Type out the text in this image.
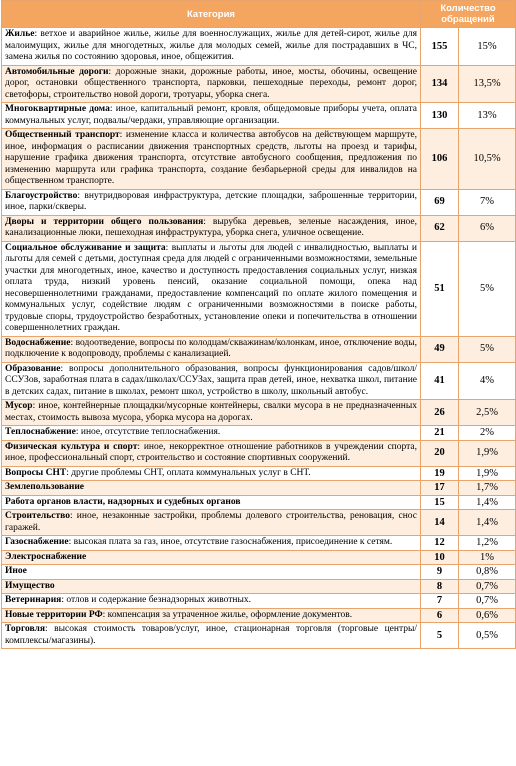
Категория	Количество
обращений	
Жилье: ветхое и аварийное жилье, жилье для военнослужащих, жилье для детей-сирот, жилье для малоимущих, жилье для многодетных, жилье для молодых семей, жилье для пострадавших в ЧС, замена жилья по состоянию здоровья, иное, общежития.	155	15%
Автомобильные дороги: дорожные знаки, дорожные работы, иное, мосты, обочины, освещение дорог, остановки общественного транспорта, парковки, пешеходные переходы, ремонт дорог, светофоры, строительство новой дороги, тротуары, уборка снега.	134	13,5%
Многоквартирные дома: иное, капитальный ремонт, кровля, общедомовые приборы учета, оплата коммунальных услуг, подвалы/чердаки, управляющие организации.	130	13%
Общественный транспорт: изменение класса и количества автобусов на действующем маршруте, иное, информация о расписании движения транспортных средств, льготы на проезд и тарифы, нарушение графика движения транспорта, отсутствие автобусного сообщения, предложения по изменению маршрута или графика транспорта, создание безбарьерной среды для инвалидов на общественном транспорте.	106	10,5%
Благоустройство: внутридворовая инфраструктура, детские площадки, заброшенные территории, иное, парки/скверы.	69	7%
Дворы и территории общего пользования: вырубка деревьев, зеленые насаждения, иное, канализационные люки, пешеходная инфраструктура, уборка снега, уличное освещение.	62	6%
Социальное обслуживание и защита: выплаты и льготы для людей с инвалидностью, выплаты и льготы для семей с детьми, доступная среда для людей с ограниченными возможностями, земельные участки для многодетных, иное, качество и доступность предоставления социальных услуг, низкая оплата труда, низкий уровень пенсий, оказание социальной помощи, опека над несовершеннолетними гражданами, предоставление компенсаций по оплате жилого помещения и коммунальных услуг, содействие людям с ограниченными возможностями в поиске работы, трудовые споры, трудоустройство безработных, установление опеки и попечительства в отношении совершеннолетних граждан.	51	5%
Водоснабжение: водоотведение, вопросы по колодцам/скважинам/колонкам, иное, отключение воды, подключение к водопроводу, проблемы с канализацией.	49	5%
Образование: вопросы дополнительного образования, вопросы функционирования садов/школ/ССУЗов, заработная плата в садах/школах/ССУЗах, защита прав детей, иное, нехватка школ, питание в детских садах, питание в школах, ремонт школ, устройство в школу, школьный автобус.	41	4%
Мусор: иное, контейнерные площадки/мусорные контейнеры, свалки мусора в не предназначенных местах, стоимость вывоза мусора, уборка мусора на дорогах.	26	2,5%
Теплоснабжение: иное, отсутствие теплоснабжения.	21	2%
Физическая культура и спорт: иное, некорректное отношение работников в учреждении спорта, иное, профессиональный спорт, строительство и состояние спортивных сооружений.	20	1,9%
Вопросы СНТ: другие проблемы СНТ, оплата коммунальных услуг в СНТ.	19	1,9%
Землепользование	17	1,7%
Работа органов власти, надзорных и судебных органов	15	1,4%
Строительство: иное, незаконные застройки, проблемы долевого строительства, реновация, снос гаражей.	14	1,4%
Газоснабжение: высокая плата за газ, иное, отсутствие газоснабжения, присоединение к сетям.	12	1,2%
Электроснабжение	10	1%
Иное	9	0,8%
Имущество	8	0,7%
Ветеринария: отлов и содержание безнадзорных животных.	7	0,7%
Новые территории РФ: компенсация за утраченное жилье, оформление документов.	6	0,6%
Торговля: высокая стоимость товаров/услуг, иное, стационарная торговля (торговые центры/комплексы/магазины).	5	0,5%
